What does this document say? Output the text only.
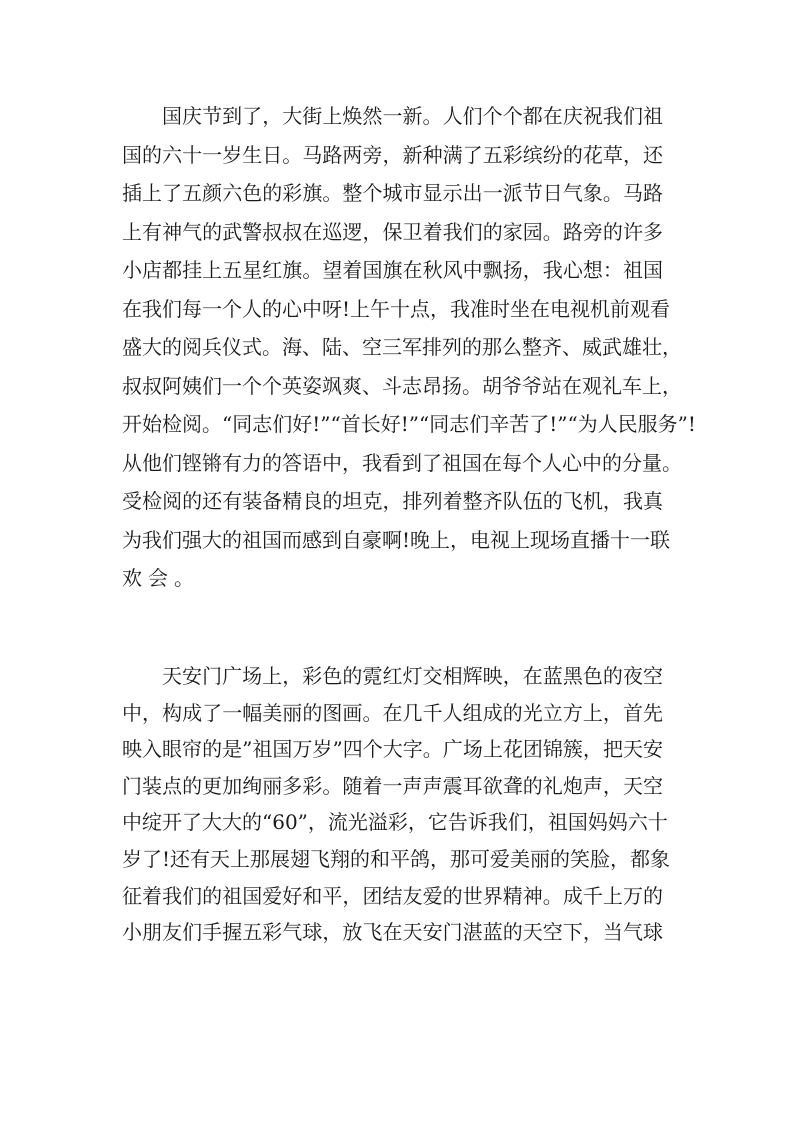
国庆节到了，大街上焕然一新。人们个个都在庆祝我们祖
国的六十一岁生日。马路两旁，新种满了五彩缤纷的花草，还
插上了五颜六色的彩旗。整个城市显示出一派节日气象。马路
上有神气的武警叔叔在巡逻，保卫着我们的家园。路旁的许多
小店都挂上五星红旗。望着国旗在秋风中飘扬，我心想：祖国
在我们每一个人的心中呀!上午十点，我准时坐在电视机前观看
盛大的阅兵仪式。海、陆、空三军排列的那么整齐、威武雄壮，
叔叔阿姨们一个个英姿飒爽、斗志昂扬。胡爷爷站在观礼车上，
开始检阅。“同志们好!”“首长好!”“同志们辛苦了!”“为人民服务”!
从他们铿锵有力的答语中，我看到了祖国在每个人心中的分量。
受检阅的还有装备精良的坦克，排列着整齐队伍的飞机，我真
为我们强大的祖国而感到自豪啊!晚上，电视上现场直播十一联
欢会。
天安门广场上，彩色的霓红灯交相辉映，在蓝黑色的夜空
中，构成了一幅美丽的图画。在几千人组成的光立方上，首先
映入眼帘的是”祖国万岁”四个大字。广场上花团锦簇，把天安
门装点的更加绚丽多彩。随着一声声震耳欲聋的礼炮声，天空
中绽开了大大的“60”，流光溢彩，它告诉我们，祖国妈妈六十
岁了!还有天上那展翅飞翔的和平鸽，那可爱美丽的笑脸，都象
征着我们的祖国爱好和平，团结友爱的世界精神。成千上万的
小朋友们手握五彩气球，放飞在天安门湛蓝的天空下，当气球
